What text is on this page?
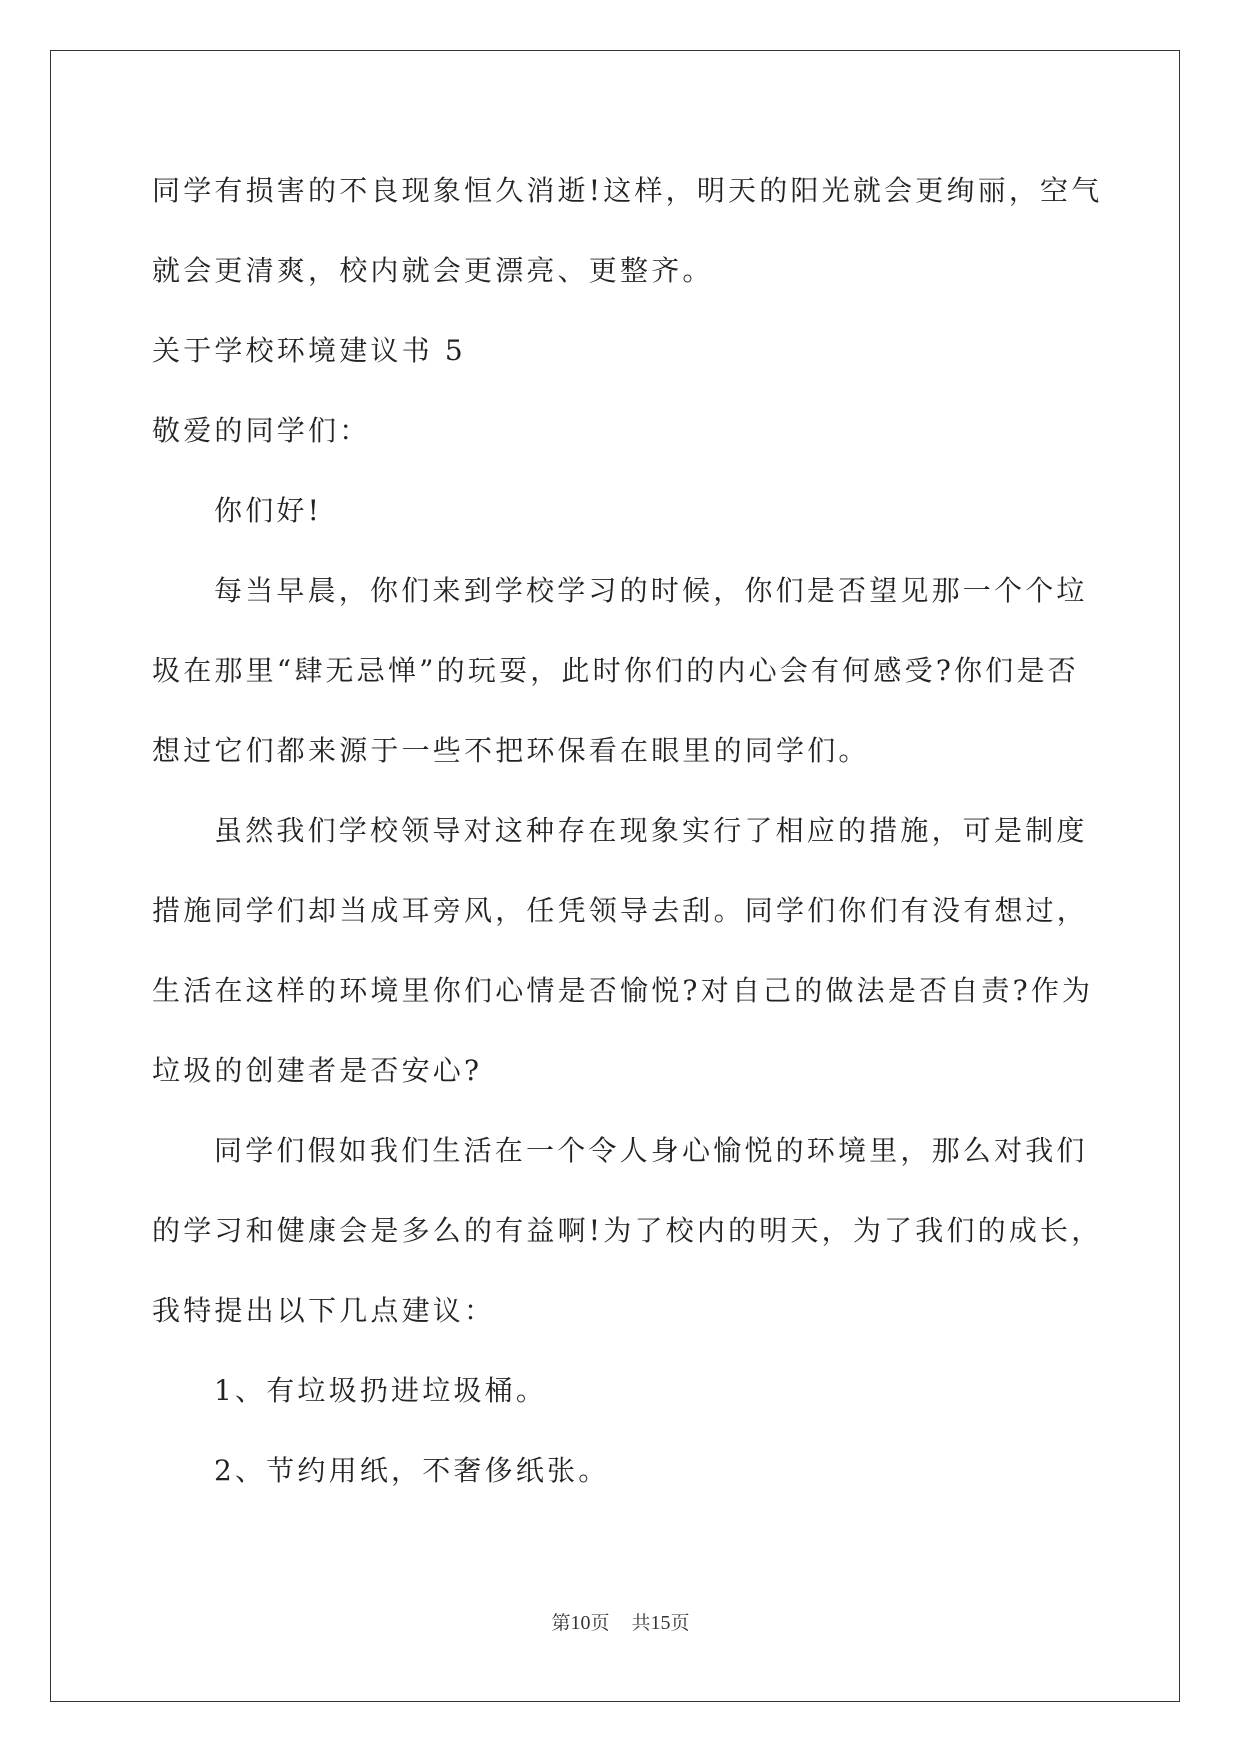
同学有损害的不良现象恒久消逝!这样，明天的阳光就会更绚丽，空气

就会更清爽，校内就会更漂亮、更整齐。

关于学校环境建议书 5

敬爱的同学们：

你们好!

每当早晨，你们来到学校学习的时候，你们是否望见那一个个垃

圾在那里“肆无忌惮”的玩耍，此时你们的内心会有何感受?你们是否

想过它们都来源于一些不把环保看在眼里的同学们。

虽然我们学校领导对这种存在现象实行了相应的措施，可是制度

措施同学们却当成耳旁风，任凭领导去刮。同学们你们有没有想过，

生活在这样的环境里你们心情是否愉悦?对自己的做法是否自责?作为

垃圾的创建者是否安心?

同学们假如我们生活在一个令人身心愉悦的环境里，那么对我们

的学习和健康会是多么的有益啊!为了校内的明天，为了我们的成长，

我特提出以下几点建议：

1、有垃圾扔进垃圾桶。

2、节约用纸，不奢侈纸张。

第10页 共15页
